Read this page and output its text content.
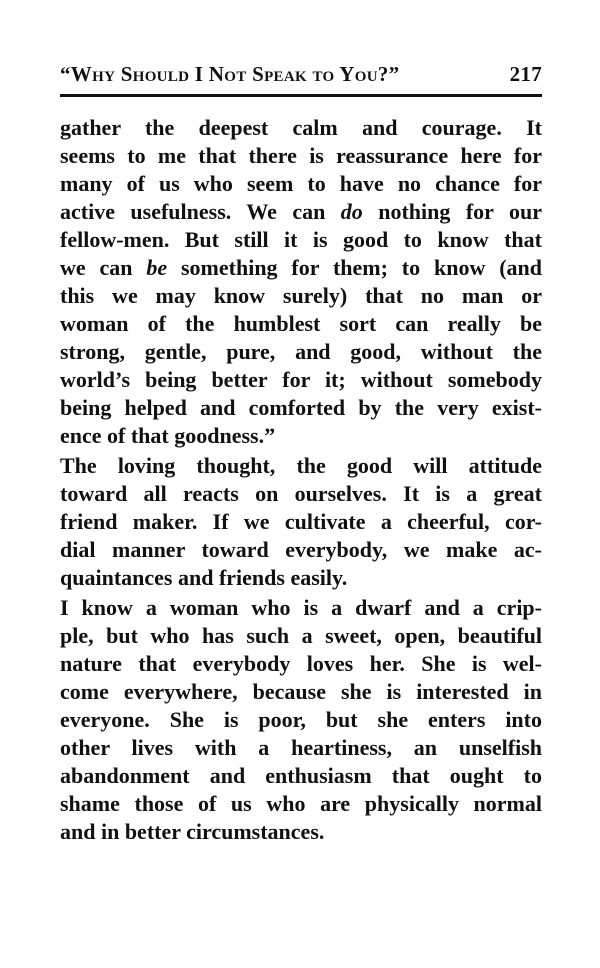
“Why Should I Not Speak to You?”	217
gather the deepest calm and courage. It
seems to me that there is reassurance here for
many of us who seem to have no chance for
active usefulness. We can do nothing for our
fellow-men. But still it is good to know that
we can be something for them; to know (and
this we may know surely) that no man or
woman of the humblest sort can really be
strong, gentle, pure, and good, without the
world’s being better for it; without somebody
being helped and comforted by the very exist-
ence of that goodness.”
The loving thought, the good will attitude
toward all reacts on ourselves. It is a great
friend maker. If we cultivate a cheerful, cor-
dial manner toward everybody, we make ac-
quaintances and friends easily.
I know a woman who is a dwarf and a crip-
ple, but who has such a sweet, open, beautiful
nature that everybody loves her. She is wel-
come everywhere, because she is interested in
everyone. She is poor, but she enters into
other lives with a heartiness, an unselfish
abandonment and enthusiasm that ought to
shame those of us who are physically normal
and in better circumstances.
